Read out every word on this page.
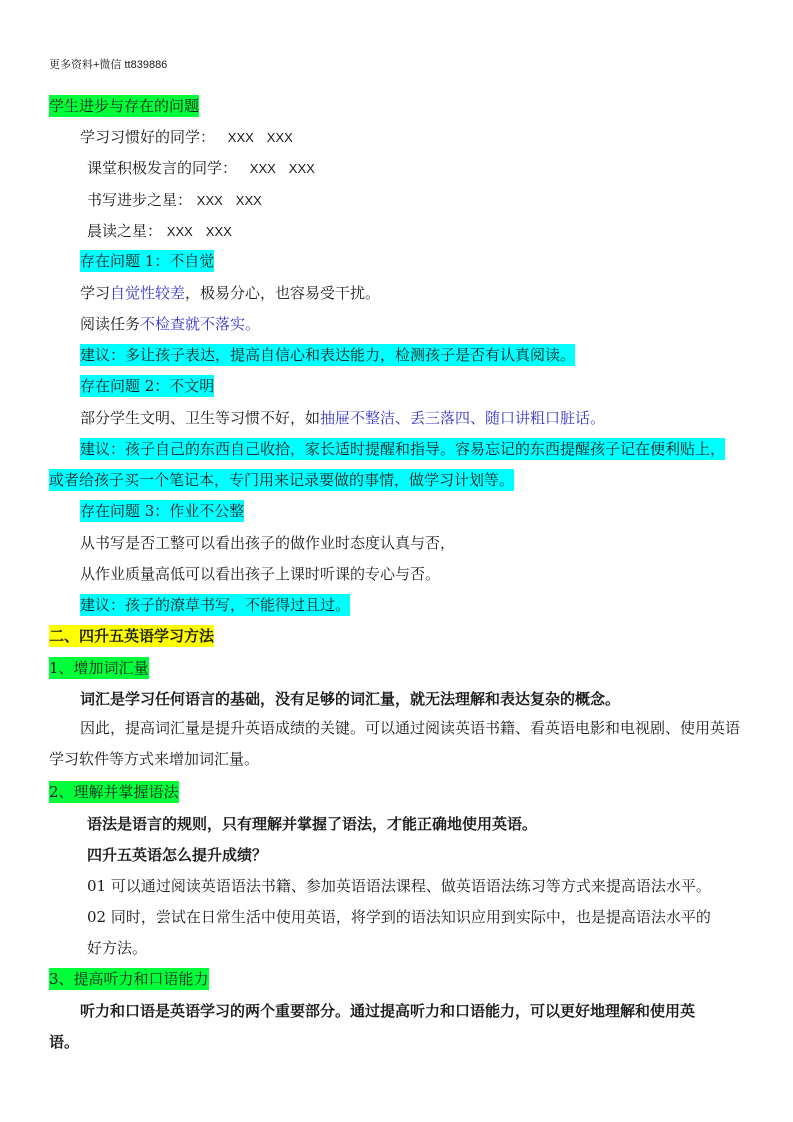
更多资料+微信 tt839886
学生进步与存在的问题
学习习惯好的同学： XXX　XXX
课堂积极发言的同学： XXX　XXX
书写进步之星： XXX　XXX
晨读之星： XXX　XXX
存在问题 1：不自觉
学习自觉性较差，极易分心，也容易受干扰。
阅读任务不检查就不落实。
建议：多让孩子表达，提高自信心和表达能力，检测孩子是否有认真阅读。
存在问题 2：不文明
部分学生文明、卫生等习惯不好，如抽屉不整洁、丢三落四、随口讲粗口脏话。
建议：孩子自己的东西自己收拾，家长适时提醒和指导。容易忘记的东西提醒孩子记在便利贴上，
或者给孩子买一个笔记本，专门用来记录要做的事情，做学习计划等。
存在问题 3：作业不公整
从书写是否工整可以看出孩子的做作业时态度认真与否，
从作业质量高低可以看出孩子上课时听课的专心与否。
建议：孩子的潦草书写，不能得过且过。
二、四升五英语学习方法
1、增加词汇量
词汇是学习任何语言的基础，没有足够的词汇量，就无法理解和表达复杂的概念。
因此，提高词汇量是提升英语成绩的关键。可以通过阅读英语书籍、看英语电影和电视剧、使用英语学习软件等方式来增加词汇量。
2、理解并掌握语法
语法是语言的规则，只有理解并掌握了语法，才能正确地使用英语。
四升五英语怎么提升成绩？
01 可以通过阅读英语语法书籍、参加英语语法课程、做英语语法练习等方式来提高语法水平。
02 同时，尝试在日常生活中使用英语，将学到的语法知识应用到实际中，也是提高语法水平的
好方法。
3、提高听力和口语能力
听力和口语是英语学习的两个重要部分。通过提高听力和口语能力，可以更好地理解和使用英
语。
